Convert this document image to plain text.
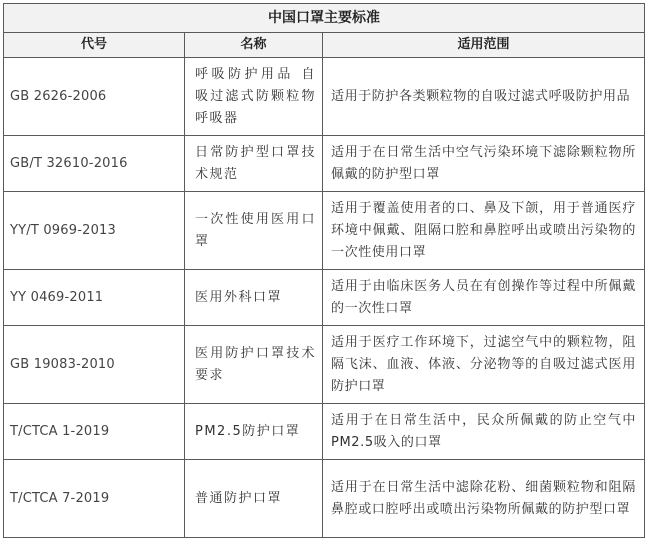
中国口罩主要标准		
代号	名称	适用范围
GB 2626-2006	呼吸防护用品 自吸过滤式防颗粒物呼吸器	适用于防护各类颗粒物的自吸过滤式呼吸防护用品
GB/T 32610-2016	日常防护型口罩技术规范	适用于在日常生活中空气污染环境下滤除颗粒物所佩戴的防护型口罩
YY/T 0969-2013	一次性使用医用口罩	适用于覆盖使用者的口、鼻及下颌，用于普通医疗环境中佩戴、阻隔口腔和鼻腔呼出或喷出污染物的一次性使用口罩
YY 0469-2011	医用外科口罩	适用于由临床医务人员在有创操作等过程中所佩戴的一次性口罩
GB 19083-2010	医用防护口罩技术要求	适用于医疗工作环境下，过滤空气中的颗粒物，阻隔飞沫、血液、体液、分泌物等的自吸过滤式医用防护口罩
T/CTCA 1-2019	PM2.5防护口罩	适用于在日常生活中，民众所佩戴的防止空气中PM2.5吸入的口罩
T/CTCA 7-2019	普通防护口罩	适用于在日常生活中滤除花粉、细菌颗粒物和阻隔鼻腔或口腔呼出或喷出污染物所佩戴的防护型口罩
